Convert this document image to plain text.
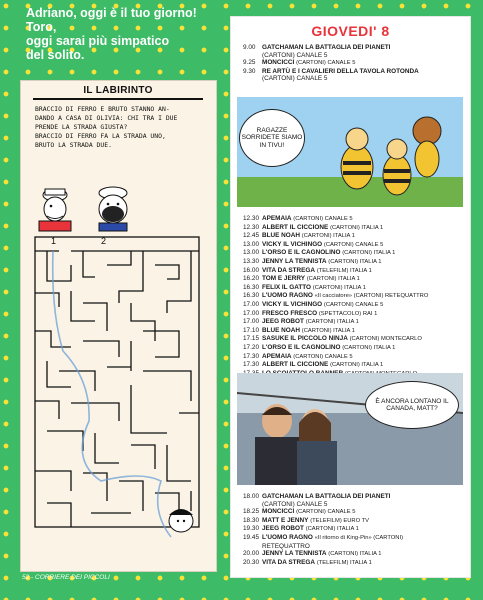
Adriano, oggi è il tuo giorno! Toro,
oggi sarai più simpatico
del solito.
IL LABIRINTO
BRACCIO DI FERRO E BRUTO STANNO AN-
DANDO A CASA DI OLIVIA: CHI TRA I DUE
PRENDE LA STRADA GIUSTA?
BRACCIO DI FERRO FA LA STRADA UNO,
BRUTO LA STRADA DUE.
1	2
52 - CORRIERE DEI PICCOLI
GIOVEDI' 8
9.00	GATCHAMAN LA BATTAGLIA DEI PIANETI
(CARTONI) CANALE 5
9.25	MONCICCI (CARTONI) CANALE 5
9.30	RE ARTÙ E I CAVALIERI DELLA TAVOLA ROTONDA
(CARTONI) CANALE 5
RAGAZZE SORRIDETE SIAMO IN TIVU!
12.30 APEMAIA (CARTONI) CANALE 5
12.30 ALBERT IL CICCIONE (CARTONI) ITALIA 1
12.45 BLUE NOAH (CARTONI) ITALIA 1
13.00 VICKY IL VICHINGO (CARTONI) CANALE 5
13.00 L'ORSO E IL CAGNOLINO (CARTONI) ITALIA 1
13.30 JENNY LA TENNISTA (CARTONI) ITALIA 1
16.00 VITA DA STREGA (TELEFILM) ITALIA 1
16.20 TOM E JERRY (CARTONI) ITALIA 1
16.30 FELIX IL GATTO (CARTONI) ITALIA 1
16.30 L'UOMO RAGNO «Il cacciatore» (CARTONI) RETEQUATTRO
17.00 VICKY IL VICHINGO (CARTONI) CANALE 5
17.00 FRESCO FRESCO (SPETTACOLO) RAI 1
17.00 JEEG ROBOT (CARTONI) ITALIA 1
17.10 BLUE NOAH (CARTONI) ITALIA 1
17.15 SASUKE IL PICCOLO NINJA (CARTONI) MONTECARLO
17.20 L'ORSO E IL CAGNOLINO (CARTONI) ITALIA 1
17.30 APEMAIA (CARTONI) CANALE 5
17.30 ALBERT IL CICCIONE (CARTONI) ITALIA 1
È ANCORA LONTANO IL CANADA, MATT?
18.00 GATCHAMAN LA BATTAGLIA DEI PIANETI
(CARTONI) CANALE 5
18.25 MONCICCI (CARTONI) CANALE 5
18.30 MATT E JENNY (TELEFILM) EURO TV
19.30 JEEG ROBOT (CARTONI) ITALIA 1
19.45 L'UOMO RAGNO «Il ritorno di King-Pin» (CARTONI)
RETEQUATTRO
20.00 JENNY LA TENNISTA (CARTONI) ITALIA 1
20.30 VITA DA STREGA (TELEFILM) ITALIA 1
